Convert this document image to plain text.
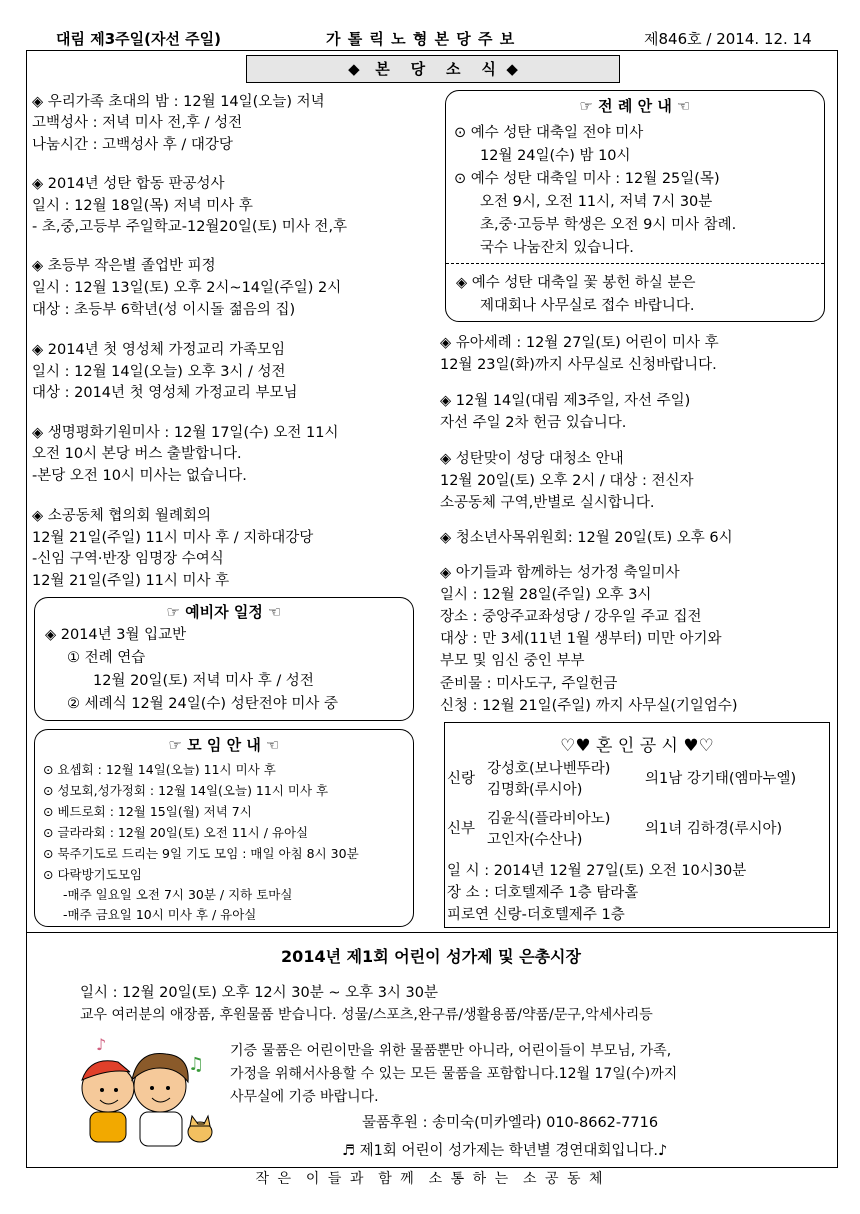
대림 제3주일(자선 주일)	가 톨 릭 노 형 본 당 주 보	제846호 / 2014. 12. 14
◆   본    당    소    식  ◆
◈ 우리가족 초대의 밤 : 12월 14일(오늘) 저녁
고백성사 : 저녁 미사 전,후 / 성전
나눔시간 : 고백성사 후 / 대강당
◈ 2014년 성탄 합동 판공성사
일시 : 12월 18일(목) 저녁 미사 후
- 초,중,고등부 주일학교-12월20일(토) 미사 전,후
◈ 초등부 작은별 졸업반 피정
일시 : 12월 13일(토) 오후 2시~14일(주일) 2시
대상 : 초등부 6학년(성 이시돌 젊음의 집)
◈ 2014년 첫 영성체 가정교리 가족모임
일시 : 12월 14일(오늘) 오후 3시 / 성전
대상 : 2014년 첫 영성체 가정교리 부모님
◈ 생명평화기원미사 : 12월 17일(수) 오전 11시
오전 10시 본당 버스 출발합니다.
-본당 오전 10시 미사는 없습니다.
◈ 소공동체 협의회 월례회의
12월 21일(주일) 11시 미사 후 / 지하대강당
-신임 구역·반장 임명장 수여식
12월 21일(주일) 11시 미사 후
☞ 예비자 일정 ☜
◈ 2014년 3월 입교반
① 전례 연습
12월 20일(토) 저녁 미사 후 / 성전
② 세례식 12월 24일(수) 성탄전야 미사 중
☞ 모 임 안 내 ☜
⊙ 요셉회 : 12월 14일(오늘) 11시 미사 후
⊙ 성모회,성가정회 : 12월 14일(오늘) 11시 미사 후
⊙ 베드로회 : 12월 15일(월) 저녁 7시
⊙ 글라라회 : 12월 20일(토) 오전 11시 / 유아실
⊙ 묵주기도로 드리는 9일 기도 모임 : 매일 아침 8시 30분
⊙ 다락방기도모임
-매주 일요일 오전 7시 30분 / 지하 토마실
-매주 금요일 10시 미사 후 / 유아실
☞ 전 례 안 내 ☜
⊙ 예수 성탄 대축일 전야 미사
12월 24일(수) 밤 10시
⊙ 예수 성탄 대축일 미사 : 12월 25일(목)
오전 9시, 오전 11시, 저녁 7시 30분
초,중·고등부 학생은 오전 9시 미사 참례.
국수 나눔잔치 있습니다.
◈ 예수 성탄 대축일 꽃 봉헌 하실 분은
제대회나 사무실로 접수 바랍니다.
◈ 유아세례 : 12월 27일(토) 어린이 미사 후
12월 23일(화)까지 사무실로 신청바랍니다.
◈ 12월 14일(대림 제3주일, 자선 주일)
자선 주일 2차 헌금 있습니다.
◈ 성탄맞이 성당 대청소 안내
12월 20일(토) 오후 2시 / 대상 : 전신자
소공동체 구역,반별로 실시합니다.
◈ 청소년사목위원회: 12월 20일(토) 오후 6시
◈ 아기들과 함께하는 성가정 축일미사
일시 : 12월 28일(주일) 오후 3시
장소 : 중앙주교좌성당 / 강우일 주교 집전
대상 : 만 3세(11년 1월 생부터) 미만 아기와
부모 및 임신 중인 부부
준비물 : 미사도구, 주일헌금
신청 : 12월 21일(주일) 까지 사무실(기일엄수)
♡♥ 혼 인 공 시 ♥♡
신랑
강성호(보나벤뚜라)
김명화(루시아)
의1남 강기태(엠마누엘)
신부
김윤식(플라비아노)
고인자(수산나)
의1녀 김하경(루시아)
일 시 : 2014년 12월 27일(토) 오전 10시30분
장 소 : 더호텔제주 1층 탐라홀
피로연 신랑-더호텔제주 1층
2014년 제1회 어린이 성가제 및 은총시장
일시 : 12월 20일(토) 오후 12시 30분 ~ 오후 3시 30분
교우 여러분의 애장품, 후원물품 받습니다. 성물/스포츠,완구류/생활용품/약품/문구,악세사리등
기증 물품은 어린이만을 위한 물품뿐만 아니라, 어린이들이 부모님, 가족,
가정을 위해서사용할 수 있는 모든 물품을 포함합니다.12월 17일(수)까지
사무실에 기증 바랍니다.
물품후원 : 송미숙(미카엘라) 010-8662-7716
♬ 제1회 어린이 성가제는 학년별 경연대회입니다.♪
♪
♫
작 은  이 들 과  함 께  소 통 하 는  소 공 동 체
